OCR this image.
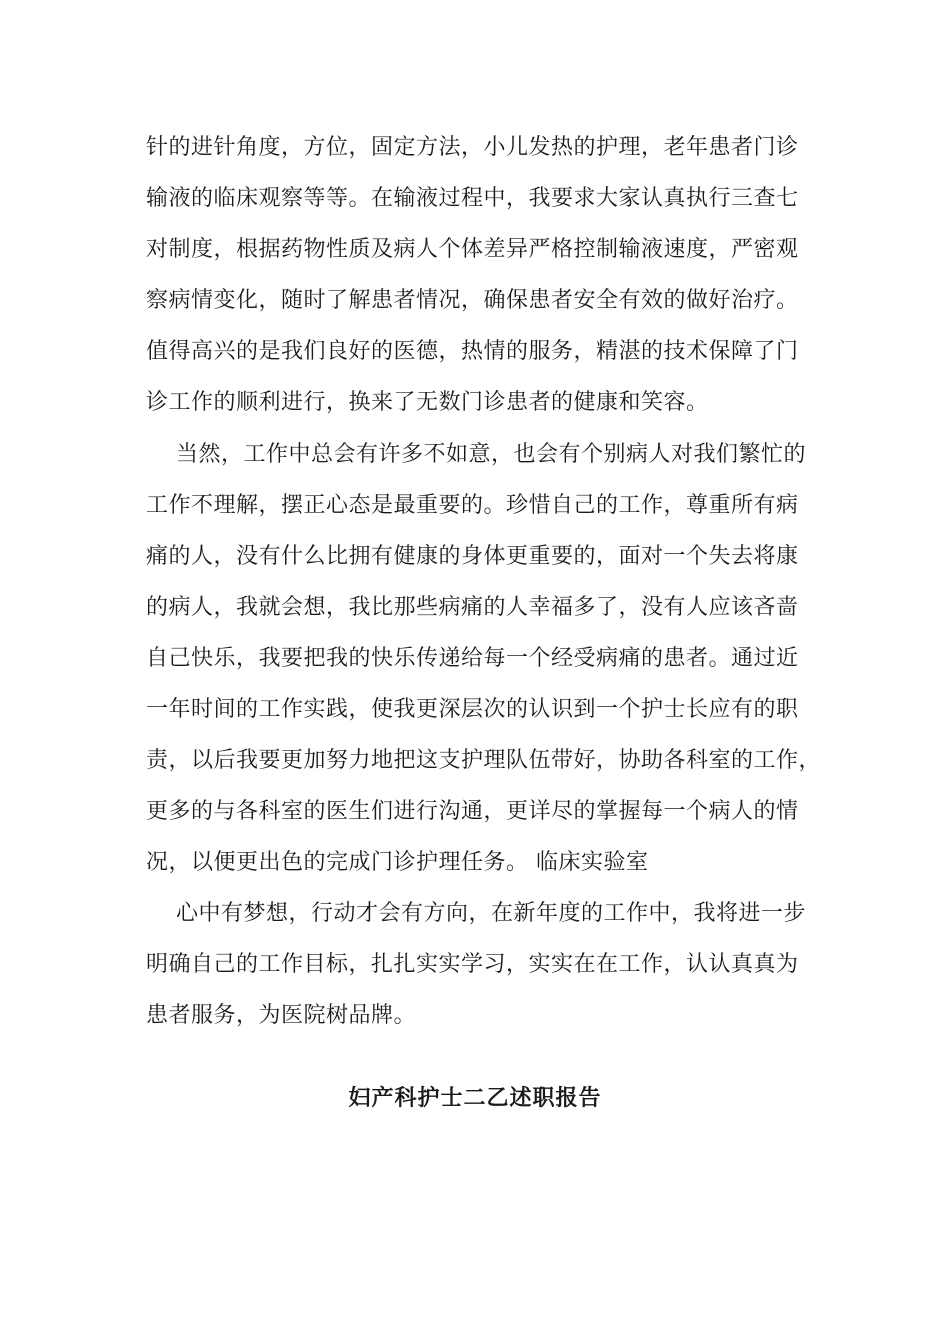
针的进针角度，方位，固定方法，小儿发热的护理，老年患者门诊
输液的临床观察等等。在输液过程中，我要求大家认真执行三查七
对制度，根据药物性质及病人个体差异严格控制输液速度，严密观
察病情变化，随时了解患者情况，确保患者安全有效的做好治疗。
值得高兴的是我们良好的医德，热情的服务，精湛的技术保障了门
诊工作的顺利进行，换来了无数门诊患者的健康和笑容。
当然，工作中总会有许多不如意，也会有个别病人对我们繁忙的
工作不理解，摆正心态是最重要的。珍惜自己的工作，尊重所有病
痛的人，没有什么比拥有健康的身体更重要的，面对一个失去将康
的病人，我就会想，我比那些病痛的人幸福多了，没有人应该吝啬
自己快乐，我要把我的快乐传递给每一个经受病痛的患者。通过近
一年时间的工作实践，使我更深层次的认识到一个护士长应有的职
责，以后我要更加努力地把这支护理队伍带好，协助各科室的工作，
更多的与各科室的医生们进行沟通，更详尽的掌握每一个病人的情
况，以便更出色的完成门诊护理任务。 临床实验室
心中有梦想，行动才会有方向，在新年度的工作中，我将进一步
明确自己的工作目标，扎扎实实学习，实实在在工作，认认真真为
患者服务，为医院树品牌。
妇产科护士二乙述职报告
